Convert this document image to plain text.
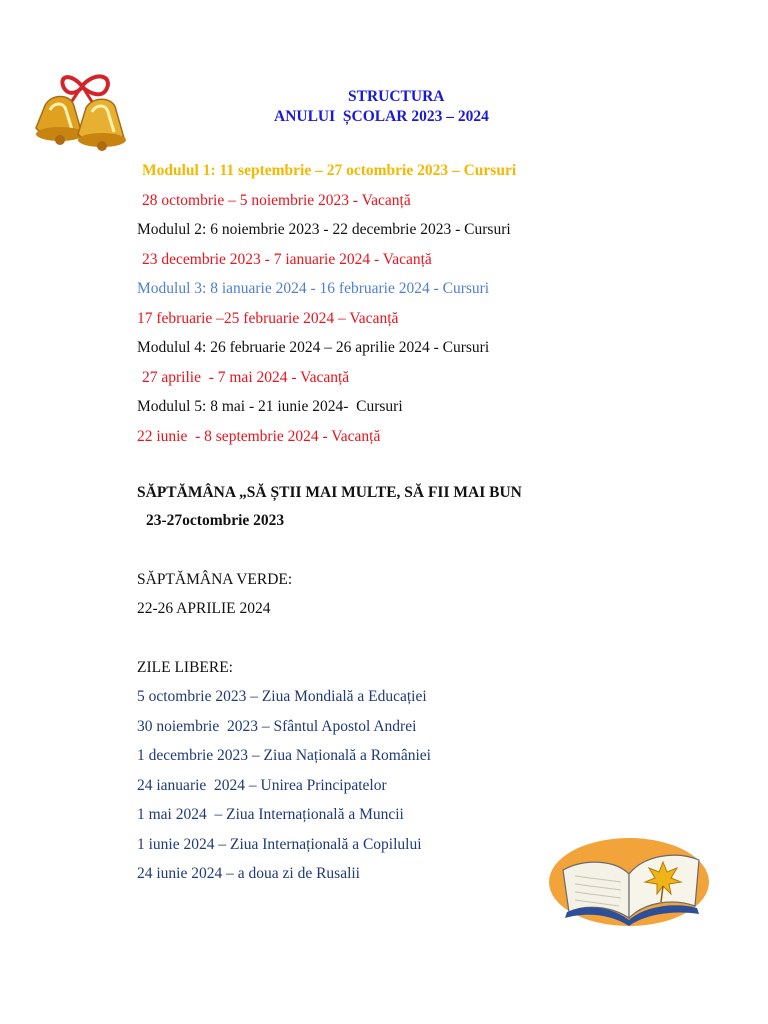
STRUCTURA
ANULUI  ȘCOLAR 2023 – 2024
Modulul 1: 11 septembrie – 27 octombrie 2023 – Cursuri
28 octombrie – 5 noiembrie 2023 - Vacanță
Modulul 2: 6 noiembrie 2023 - 22 decembrie 2023 - Cursuri
23 decembrie 2023 - 7 ianuarie 2024 - Vacanță
Modulul 3: 8 ianuarie 2024 - 16 februarie 2024 - Cursuri
17 februarie –25 februarie 2024 – Vacanță
Modulul 4: 26 februarie 2024 – 26 aprilie 2024 - Cursuri
27 aprilie  - 7 mai 2024 - Vacanță
Modulul 5: 8 mai - 21 iunie 2024-  Cursuri
22 iunie  - 8 septembrie 2024 - Vacanță
SĂPTĂMÂNA „SĂ ȘTII MAI MULTE, SĂ FII MAI BUN
23-27octombrie 2023
SĂPTĂMÂNA VERDE:
22-26 APRILIE 2024
ZILE LIBERE:
5 octombrie 2023 – Ziua Mondială a Educației
30 noiembrie  2023 – Sfântul Apostol Andrei
1 decembrie 2023 – Ziua Națională a României
24 ianuarie  2024 – Unirea Principatelor
1 mai 2024  – Ziua Internațională a Muncii
1 iunie 2024 – Ziua Internațională a Copilului
24 iunie 2024 – a doua zi de Rusalii
